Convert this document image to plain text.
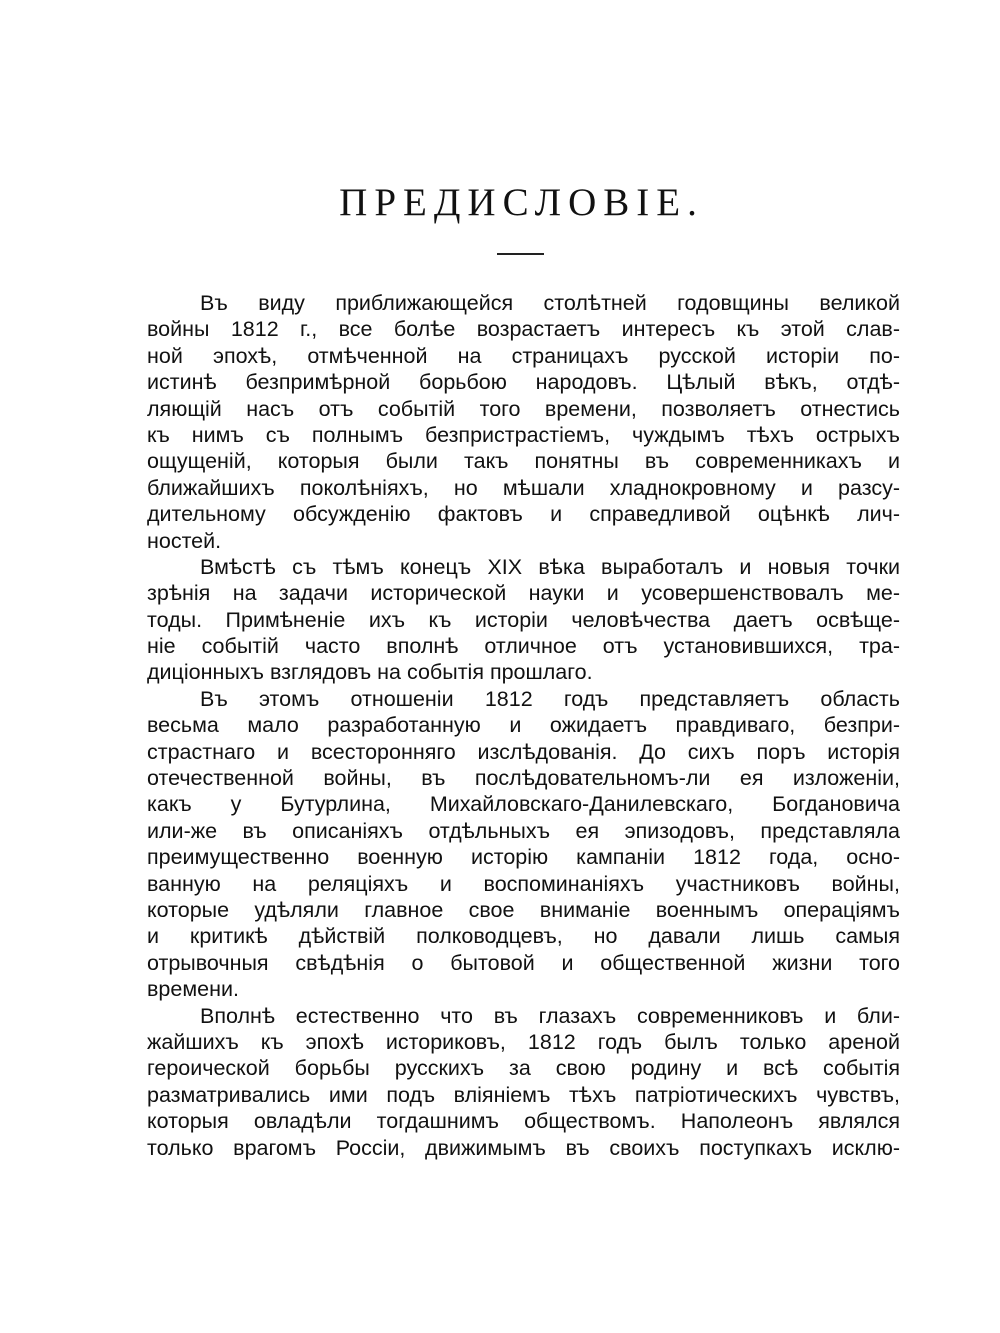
ПРЕДИСЛОВIЕ.
Въ виду приближающейся столѣтней годовщины великой
войны 1812 г., все болѣе возрастаетъ интересъ къ этой слав-
ной эпохѣ, отмѣченной на страницахъ русской исторiи по-
истинѣ безпримѣрной борьбою народовъ. Цѣлый вѣкъ, отдѣ-
ляющiй насъ отъ событiй того времени, позволяетъ отнестись
къ нимъ съ полнымъ безпристрастiемъ, чуждымъ тѣхъ острыхъ
ощущенiй, которыя были такъ понятны въ современникахъ и
ближайшихъ поколѣнiяхъ, но мѣшали хладнокровному и разсу-
дительному обсужденiю фактовъ и справедливой оцѣнкѣ лич-
ностей.
Вмѣстѣ съ тѣмъ конецъ XIX вѣка выработалъ и новыя точки
зрѣнiя на задачи исторической науки и усовершенствовалъ ме-
тоды. Примѣненiе ихъ къ исторiи человѣчества даетъ освѣще-
нiе событiй часто вполнѣ отличное отъ установившихся, тра-
дицiонныхъ взглядовъ на событiя прошлаго.
Въ этомъ отношенiи 1812 годъ представляетъ область
весьма мало разработанную и ожидаетъ правдиваго, безпри-
страстнаго и всесторонняго изслѣдованiя. До сихъ поръ исторiя
отечественной войны, въ послѣдовательномъ-ли ея изложенiи,
какъ у Бутурлина, Михайловскаго-Данилевскаго, Богдановича
или-же въ описанiяхъ отдѣльныхъ ея эпизодовъ, представляла
преимущественно военную исторiю кампанiи 1812 года, осно-
ванную на реляцiяхъ и воспоминанiяхъ участниковъ войны,
которые удѣляли главное свое вниманiе военнымъ операцiямъ
и критикѣ дѣйствiй полководцевъ, но давали лишь самыя
отрывочныя свѣдѣнiя о бытовой и общественной жизни того
времени.
Вполнѣ естественно что въ глазахъ современниковъ и бли-
жайшихъ къ эпохѣ историковъ, 1812 годъ былъ только ареной
героической борьбы русскихъ за свою родину и всѣ событiя
разматривались ими подъ влiянiемъ тѣхъ патрiотическихъ чувствъ,
которыя овладѣли тогдашнимъ обществомъ. Наполеонъ являлся
только врагомъ Россiи, движимымъ въ своихъ поступкахъ исклю-
